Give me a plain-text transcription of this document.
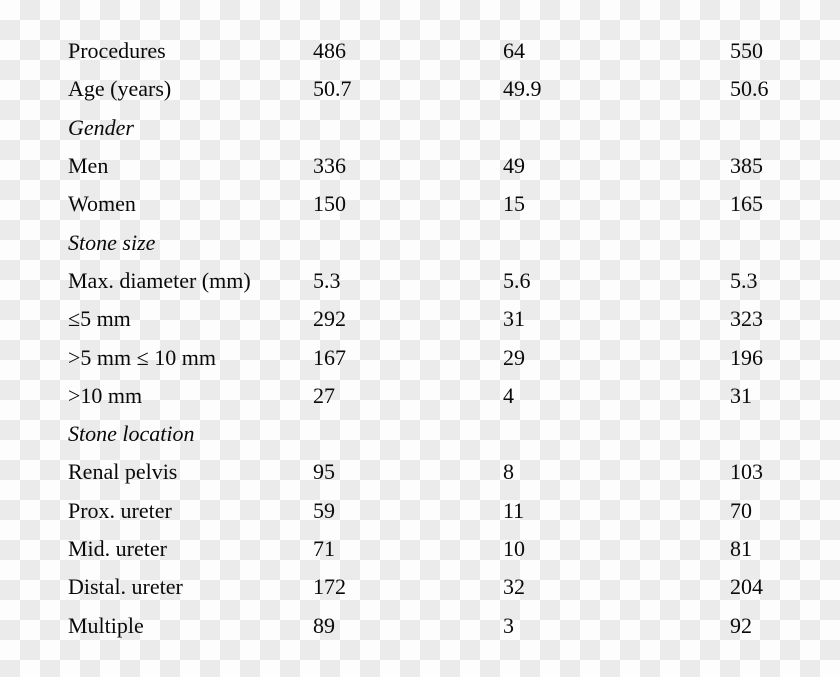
Procedures	486	64	550
Age (years)	50.7	49.9	50.6
Gender
Men	336	49	385
Women	150	15	165
Stone size
Max. diameter (mm)	5.3	5.6	5.3
≤5 mm	292	31	323
>5 mm ≤ 10 mm	167	29	196
>10 mm	27	4	31
Stone location
Renal pelvis	95	8	103
Prox. ureter	59	11	70
Mid. ureter	71	10	81
Distal. ureter	172	32	204
Multiple	89	3	92
